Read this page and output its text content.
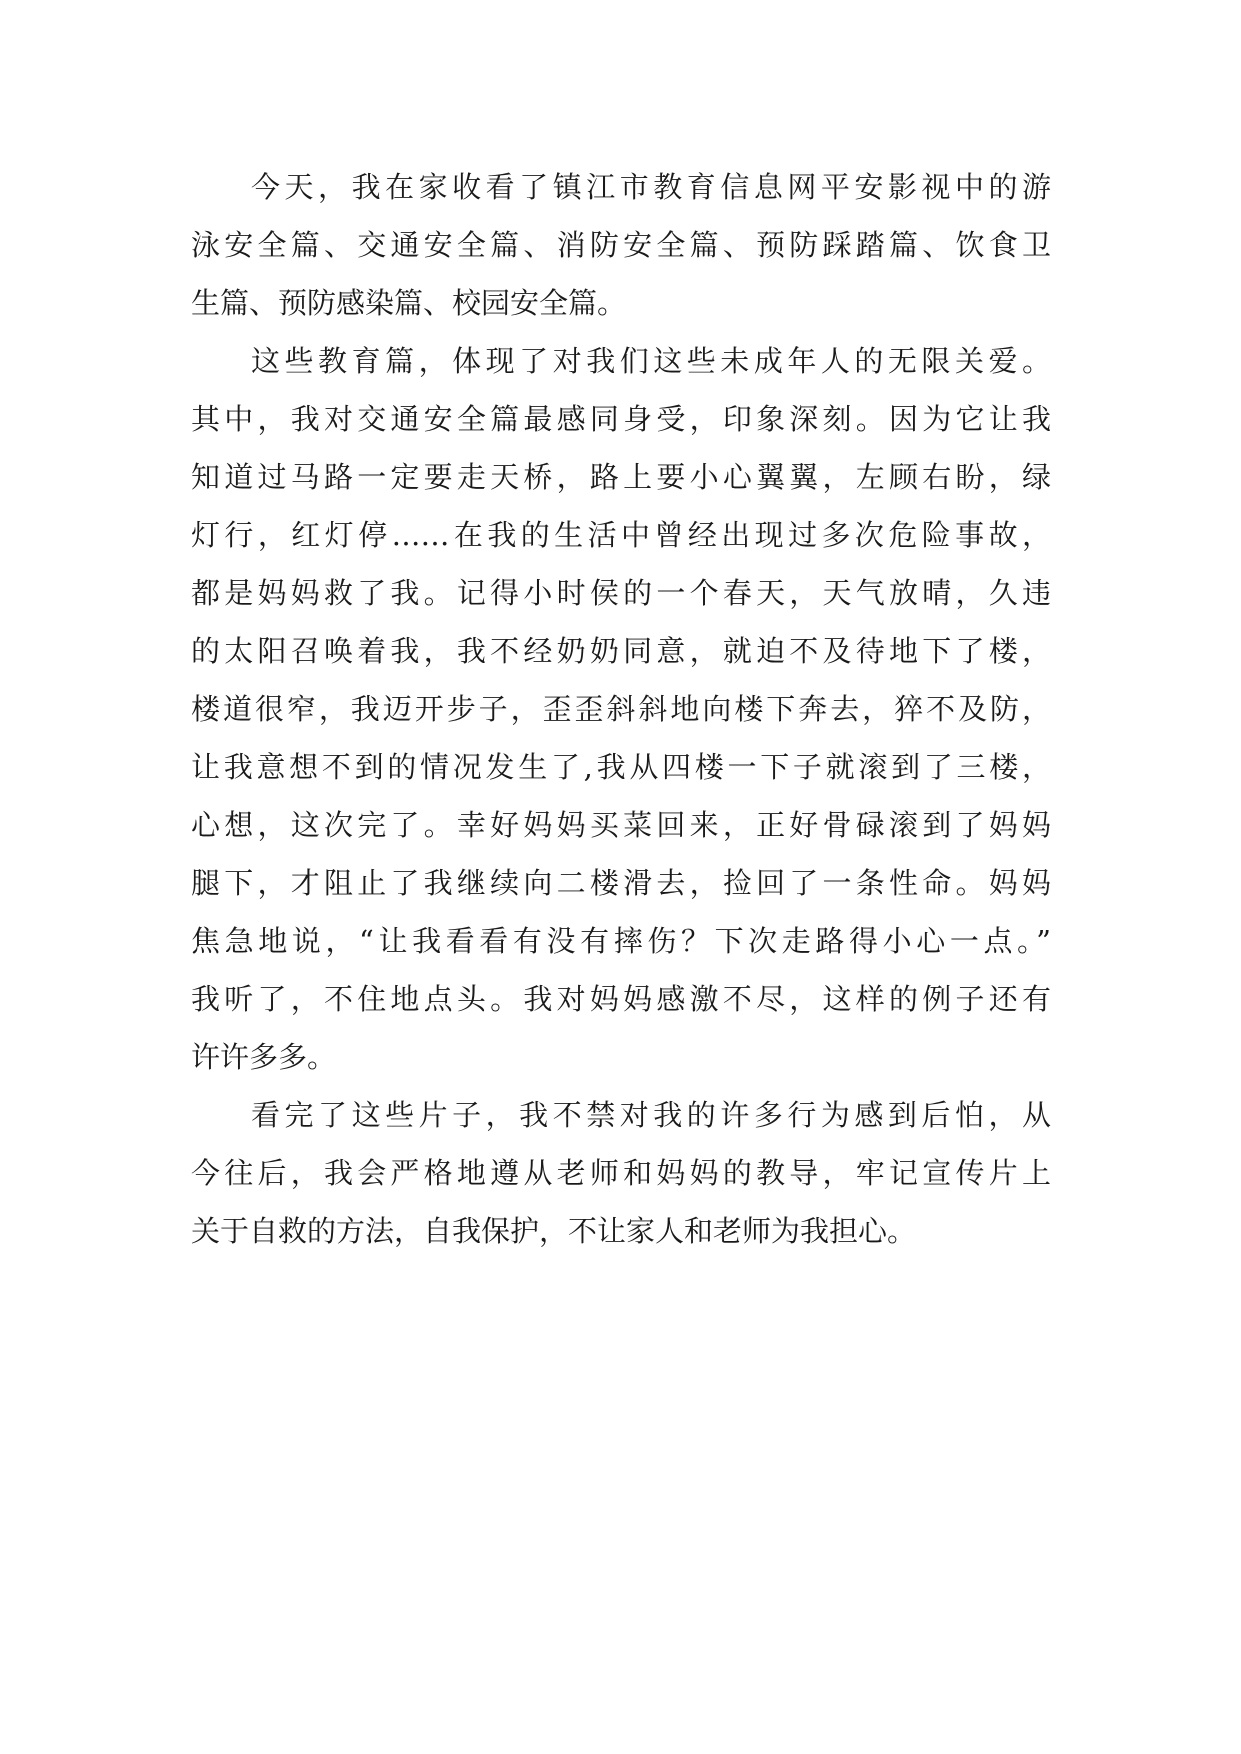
今天，我在家收看了镇江市教育信息网平安影视中的游
泳安全篇、交通安全篇、消防安全篇、预防踩踏篇、饮食卫
生篇、预防感染篇、校园安全篇。
这些教育篇，体现了对我们这些未成年人的无限关爱。
其中，我对交通安全篇最感同身受，印象深刻。因为它让我
知道过马路一定要走天桥，路上要小心翼翼，左顾右盼，绿
灯行，红灯停……在我的生活中曾经出现过多次危险事故，
都是妈妈救了我。记得小时侯的一个春天，天气放晴，久违
的太阳召唤着我，我不经奶奶同意，就迫不及待地下了楼，
楼道很窄，我迈开步子，歪歪斜斜地向楼下奔去，猝不及防，
让我意想不到的情况发生了,我从四楼一下子就滚到了三楼，
心想，这次完了。幸好妈妈买菜回来，正好骨碌滚到了妈妈
腿下，才阻止了我继续向二楼滑去，捡回了一条性命。妈妈
焦急地说，“让我看看有没有摔伤？下次走路得小心一点。”
我听了，不住地点头。我对妈妈感激不尽，这样的例子还有
许许多多。
看完了这些片子，我不禁对我的许多行为感到后怕，从
今往后，我会严格地遵从老师和妈妈的教导，牢记宣传片上
关于自救的方法，自我保护，不让家人和老师为我担心。
